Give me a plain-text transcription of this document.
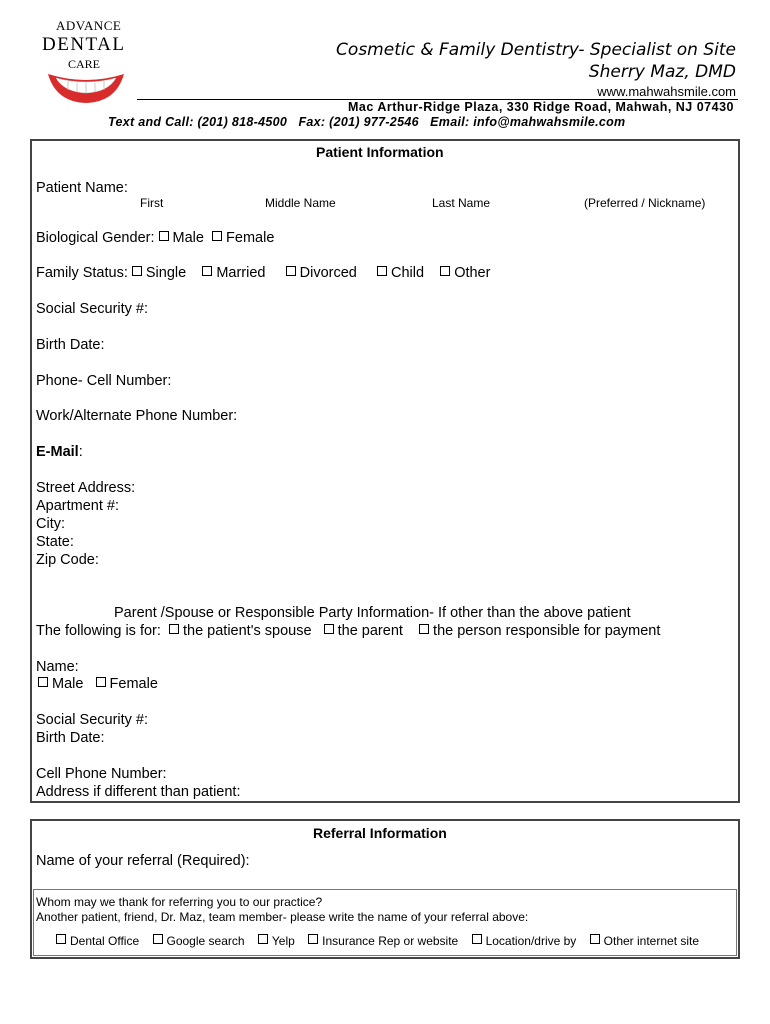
ADVANCE
DENTAL
CARE
Cosmetic & Family Dentistry- Specialist on Site
Sherry Maz, DMD
www.mahwahsmile.com
Mac Arthur-Ridge Plaza, 330 Ridge Road, Mahwah, NJ 07430
Text and Call: (201) 818-4500   Fax: (201) 977-2546   Email: info@mahwahsmile.com
Patient Information
Patient Name:
First	Middle Name	Last Name	(Preferred / Nickname)
Biological Gender: Male Female
Family Status: Single Married Divorced Child Other
Social Security #:
Birth Date:
Phone- Cell Number:
Work/Alternate Phone Number:
E-Mail:
Street Address:
Apartment #:
City:
State:
Zip Code:
Parent /Spouse or Responsible Party Information- If other than the above patient
The following is for: the patient's spouse the parent the person responsible for payment
Name:
Male Female
Social Security #:
Birth Date:
Cell Phone Number:
Address if different than patient:
Referral Information
Name of your referral (Required):
Whom may we thank for referring you to our practice?
Another patient, friend, Dr. Maz, team member- please write the name of your referral above:
Dental Office Google search Yelp Insurance Rep or website Location/drive by Other internet site
